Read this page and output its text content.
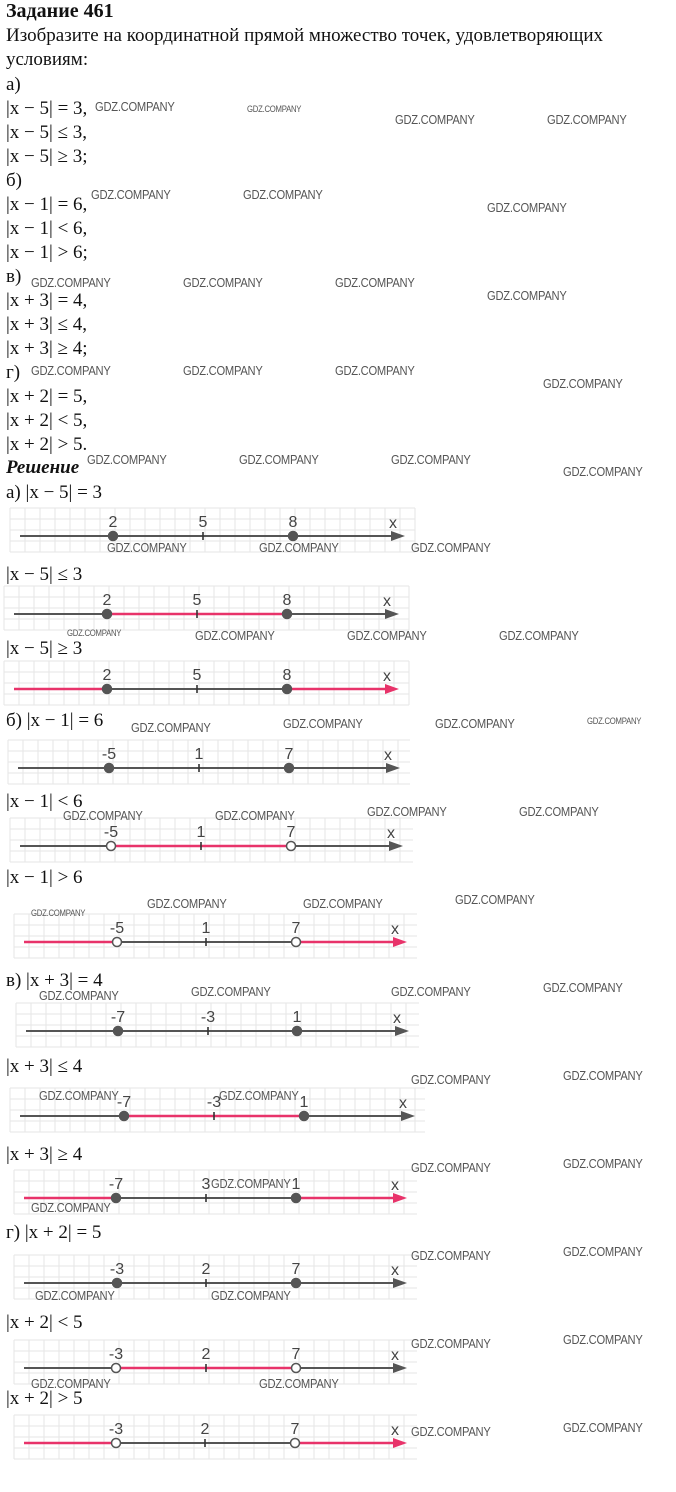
Задание 461
Изобразите на координатной прямой множество точек, удовлетворяющих
условиям:
а)
|x − 5| = 3,
|x − 5| ≤ 3,
|x − 5| ≥ 3;
б)
|x − 1| = 6,
|x − 1| < 6,
|x − 1| > 6;
в)
|x + 3| = 4,
|x + 3| ≤ 4,
|x + 3| ≥ 4;
г)
|x + 2| = 5,
|x + 2| < 5,
|x + 2| > 5.
Решение
а) |x − 5| = 3
x
2	5	8
|x − 5| ≤ 3
x
2	5	8
|x − 5| ≥ 3
x
2	5	8
б) |x − 1| = 6
x
-5	1	7
|x − 1| < 6
x
-5	1	7
|x − 1| > 6
x
-5	1	7
в) |x + 3| = 4
x
-7	-3	1
|x + 3| ≤ 4
x
-7	-3	1
|x + 3| ≥ 4
x
-7	3	1
г) |x + 2| = 5
x
-3	2	7
|x + 2| < 5
x
-3	2	7
|x + 2| > 5
x
-3	2	7
GDZ.COMPANY	GDZ.COMPANY
GDZ.COMPANY	GDZ.COMPANY
GDZ.COMPANY	GDZ.COMPANY
GDZ.COMPANY
GDZ.COMPANY	GDZ.COMPANY	GDZ.COMPANY
GDZ.COMPANY
GDZ.COMPANY	GDZ.COMPANY	GDZ.COMPANY
GDZ.COMPANY
GDZ.COMPANY	GDZ.COMPANY	GDZ.COMPANY
GDZ.COMPANY
GDZ.COMPANY	GDZ.COMPANY	GDZ.COMPANY
GDZ.COMPANY	GDZ.COMPANY	GDZ.COMPANY	GDZ.COMPANY
GDZ.COMPANY	GDZ.COMPANY	GDZ.COMPANY	GDZ.COMPANY
GDZ.COMPANY	GDZ.COMPANY	GDZ.COMPANY	GDZ.COMPANY
GDZ.COMPANY
GDZ.COMPANY	GDZ.COMPANY	GDZ.COMPANY
GDZ.COMPANY	GDZ.COMPANY	GDZ.COMPANY	GDZ.COMPANY
GDZ.COMPANY	GDZ.COMPANY
GDZ.COMPANY	GDZ.COMPANY
GDZ.COMPANY	GDZ.COMPANY
GDZ.COMPANY
GDZ.COMPANY
GDZ.COMPANY	GDZ.COMPANY
GDZ.COMPANY	GDZ.COMPANY
GDZ.COMPANY	GDZ.COMPANY
GDZ.COMPANY	GDZ.COMPANY
GDZ.COMPANY	GDZ.COMPANY
